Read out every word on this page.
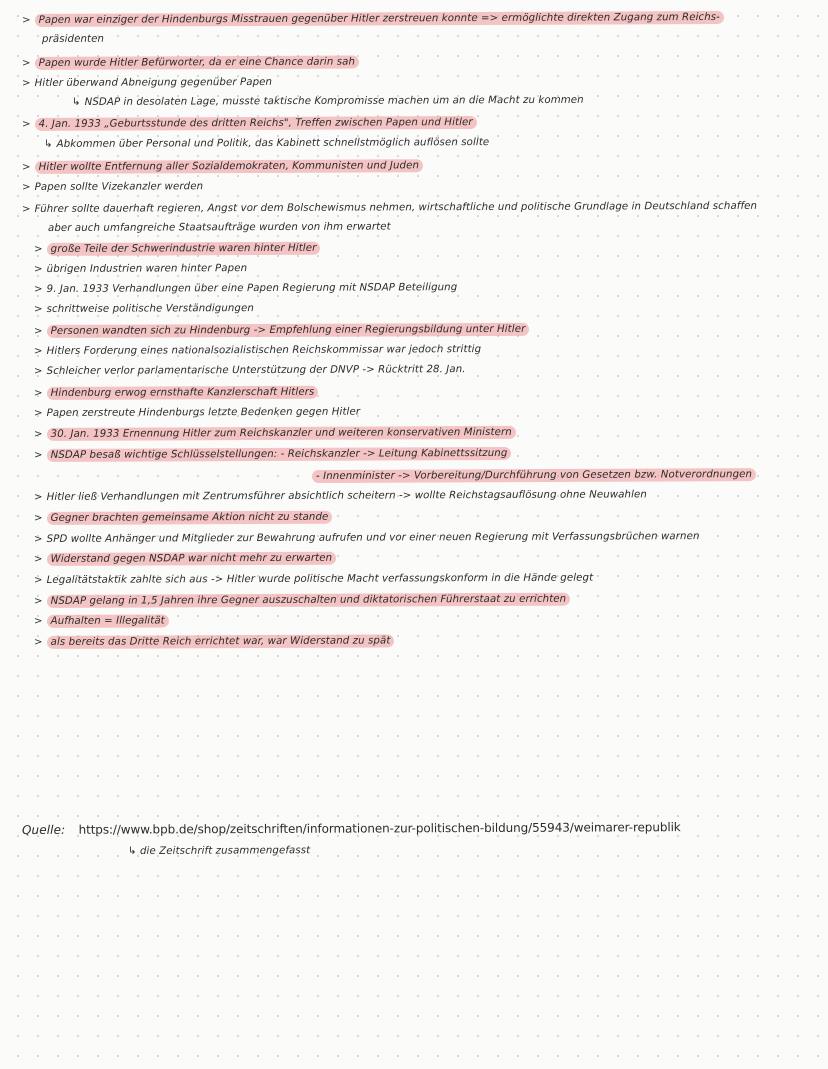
> Papen war einziger der Hindenburgs Misstrauen gegenüber Hitler zerstreuen konnte => ermöglichte direkten Zugang zum Reichs-
präsidenten
> Papen wurde Hitler Befürworter, da er eine Chance darin sah
> Hitler überwand Abneigung gegenüber Papen
↳ NSDAP in desolaten Lage, musste taktische Kompromisse machen um an die Macht zu kommen
> 4. Jan. 1933 „Geburtsstunde des dritten Reichs", Treffen zwischen Papen und Hitler
↳ Abkommen über Personal und Politik, das Kabinett schnellstmöglich auflösen sollte
> Hitler wollte Entfernung aller Sozialdemokraten, Kommunisten und Juden
> Papen sollte Vizekanzler werden
> Führer sollte dauerhaft regieren, Angst vor dem Bolschewismus nehmen, wirtschaftliche und politische Grundlage in Deutschland schaffen
aber auch umfangreiche Staatsaufträge wurden von ihm erwartet
> große Teile der Schwerindustrie waren hinter Hitler
> übrigen Industrien waren hinter Papen
> 9. Jan. 1933 Verhandlungen über eine Papen Regierung mit NSDAP Beteiligung
> schrittweise politische Verständigungen
> Personen wandten sich zu Hindenburg -> Empfehlung einer Regierungsbildung unter Hitler
> Hitlers Forderung eines nationalsozialistischen Reichskommissar war jedoch strittig
> Schleicher verlor parlamentarische Unterstützung der DNVP -> Rücktritt 28. Jan.
> Hindenburg erwog ernsthafte Kanzlerschaft Hitlers
> Papen zerstreute Hindenburgs letzte Bedenken gegen Hitler
> 30. Jan. 1933 Ernennung Hitler zum Reichskanzler und weiteren konservativen Ministern
> NSDAP besaß wichtige Schlüsselstellungen: - Reichskanzler -> Leitung Kabinettssitzung
- Innenminister -> Vorbereitung/Durchführung von Gesetzen bzw. Notverordnungen
> Hitler ließ Verhandlungen mit Zentrumsführer absichtlich scheitern -> wollte Reichstagsauflösung ohne Neuwahlen
> Gegner brachten gemeinsame Aktion nicht zu stande
> SPD wollte Anhänger und Mitglieder zur Bewahrung aufrufen und vor einer neuen Regierung mit Verfassungsbrüchen warnen
> Widerstand gegen NSDAP war nicht mehr zu erwarten
> Legalitätstaktik zahlte sich aus -> Hitler wurde politische Macht verfassungskonform in die Hände gelegt
> NSDAP gelang in 1,5 Jahren ihre Gegner auszuschalten und diktatorischen Führerstaat zu errichten
> Aufhalten = Illegalität
> als bereits das Dritte Reich errichtet war, war Widerstand zu spät
Quelle: https://www.bpb.de/shop/zeitschriften/informationen-zur-politischen-bildung/55943/weimarer-republik
↳ die Zeitschrift zusammengefasst
